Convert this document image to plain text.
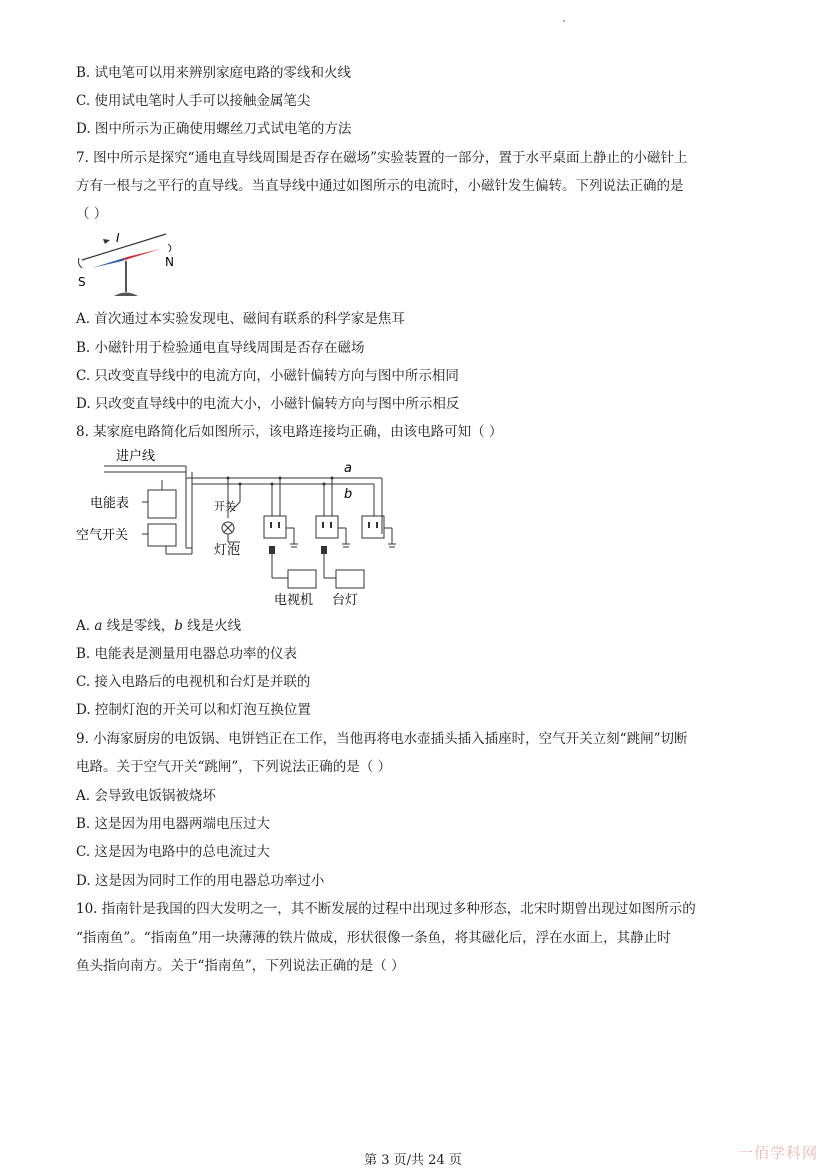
B. 试电笔可以用来辨别家庭电路的零线和火线
C. 使用试电笔时人手可以接触金属笔尖
D. 图中所示为正确使用螺丝刀式试电笔的方法
7. 图中所示是探究“通电直导线周围是否存在磁场”实验装置的一部分，置于水平桌面上静止的小磁针上
方有一根与之平行的直导线。当直导线中通过如图所示的电流时，小磁针发生偏转。下列说法正确的是
（ ）
I
N
S
A. 首次通过本实验发现电、磁间有联系的科学家是焦耳
B. 小磁针用于检验通电直导线周围是否存在磁场
C. 只改变直导线中的电流方向，小磁针偏转方向与图中所示相同
D. 只改变直导线中的电流大小，小磁针偏转方向与图中所示相反
8. 某家庭电路简化后如图所示，该电路连接均正确，由该电路可知（ ）
进户线
电能表
空气开关
开关
灯泡
电视机 台灯
a
b
A. a 线是零线，b 线是火线
B. 电能表是测量用电器总功率的仪表
C. 接入电路后的电视机和台灯是并联的
D. 控制灯泡的开关可以和灯泡互换位置
9. 小海家厨房的电饭锅、电饼铛正在工作，当他再将电水壶插头插入插座时，空气开关立刻“跳闸”切断
电路。关于空气开关“跳闸”，下列说法正确的是（ ）
A. 会导致电饭锅被烧坏
B. 这是因为用电器两端电压过大
C. 这是因为电路中的总电流过大
D. 这是因为同时工作的用电器总功率过小
10. 指南针是我国的四大发明之一，其不断发展的过程中出现过多种形态，北宋时期曾出现过如图所示的
“指南鱼”。“指南鱼”用一块薄薄的铁片做成，形状很像一条鱼，将其磁化后，浮在水面上，其静止时
鱼头指向南方。关于“指南鱼”，下列说法正确的是（ ）
第 3 页/共 24 页	一佰学科网
